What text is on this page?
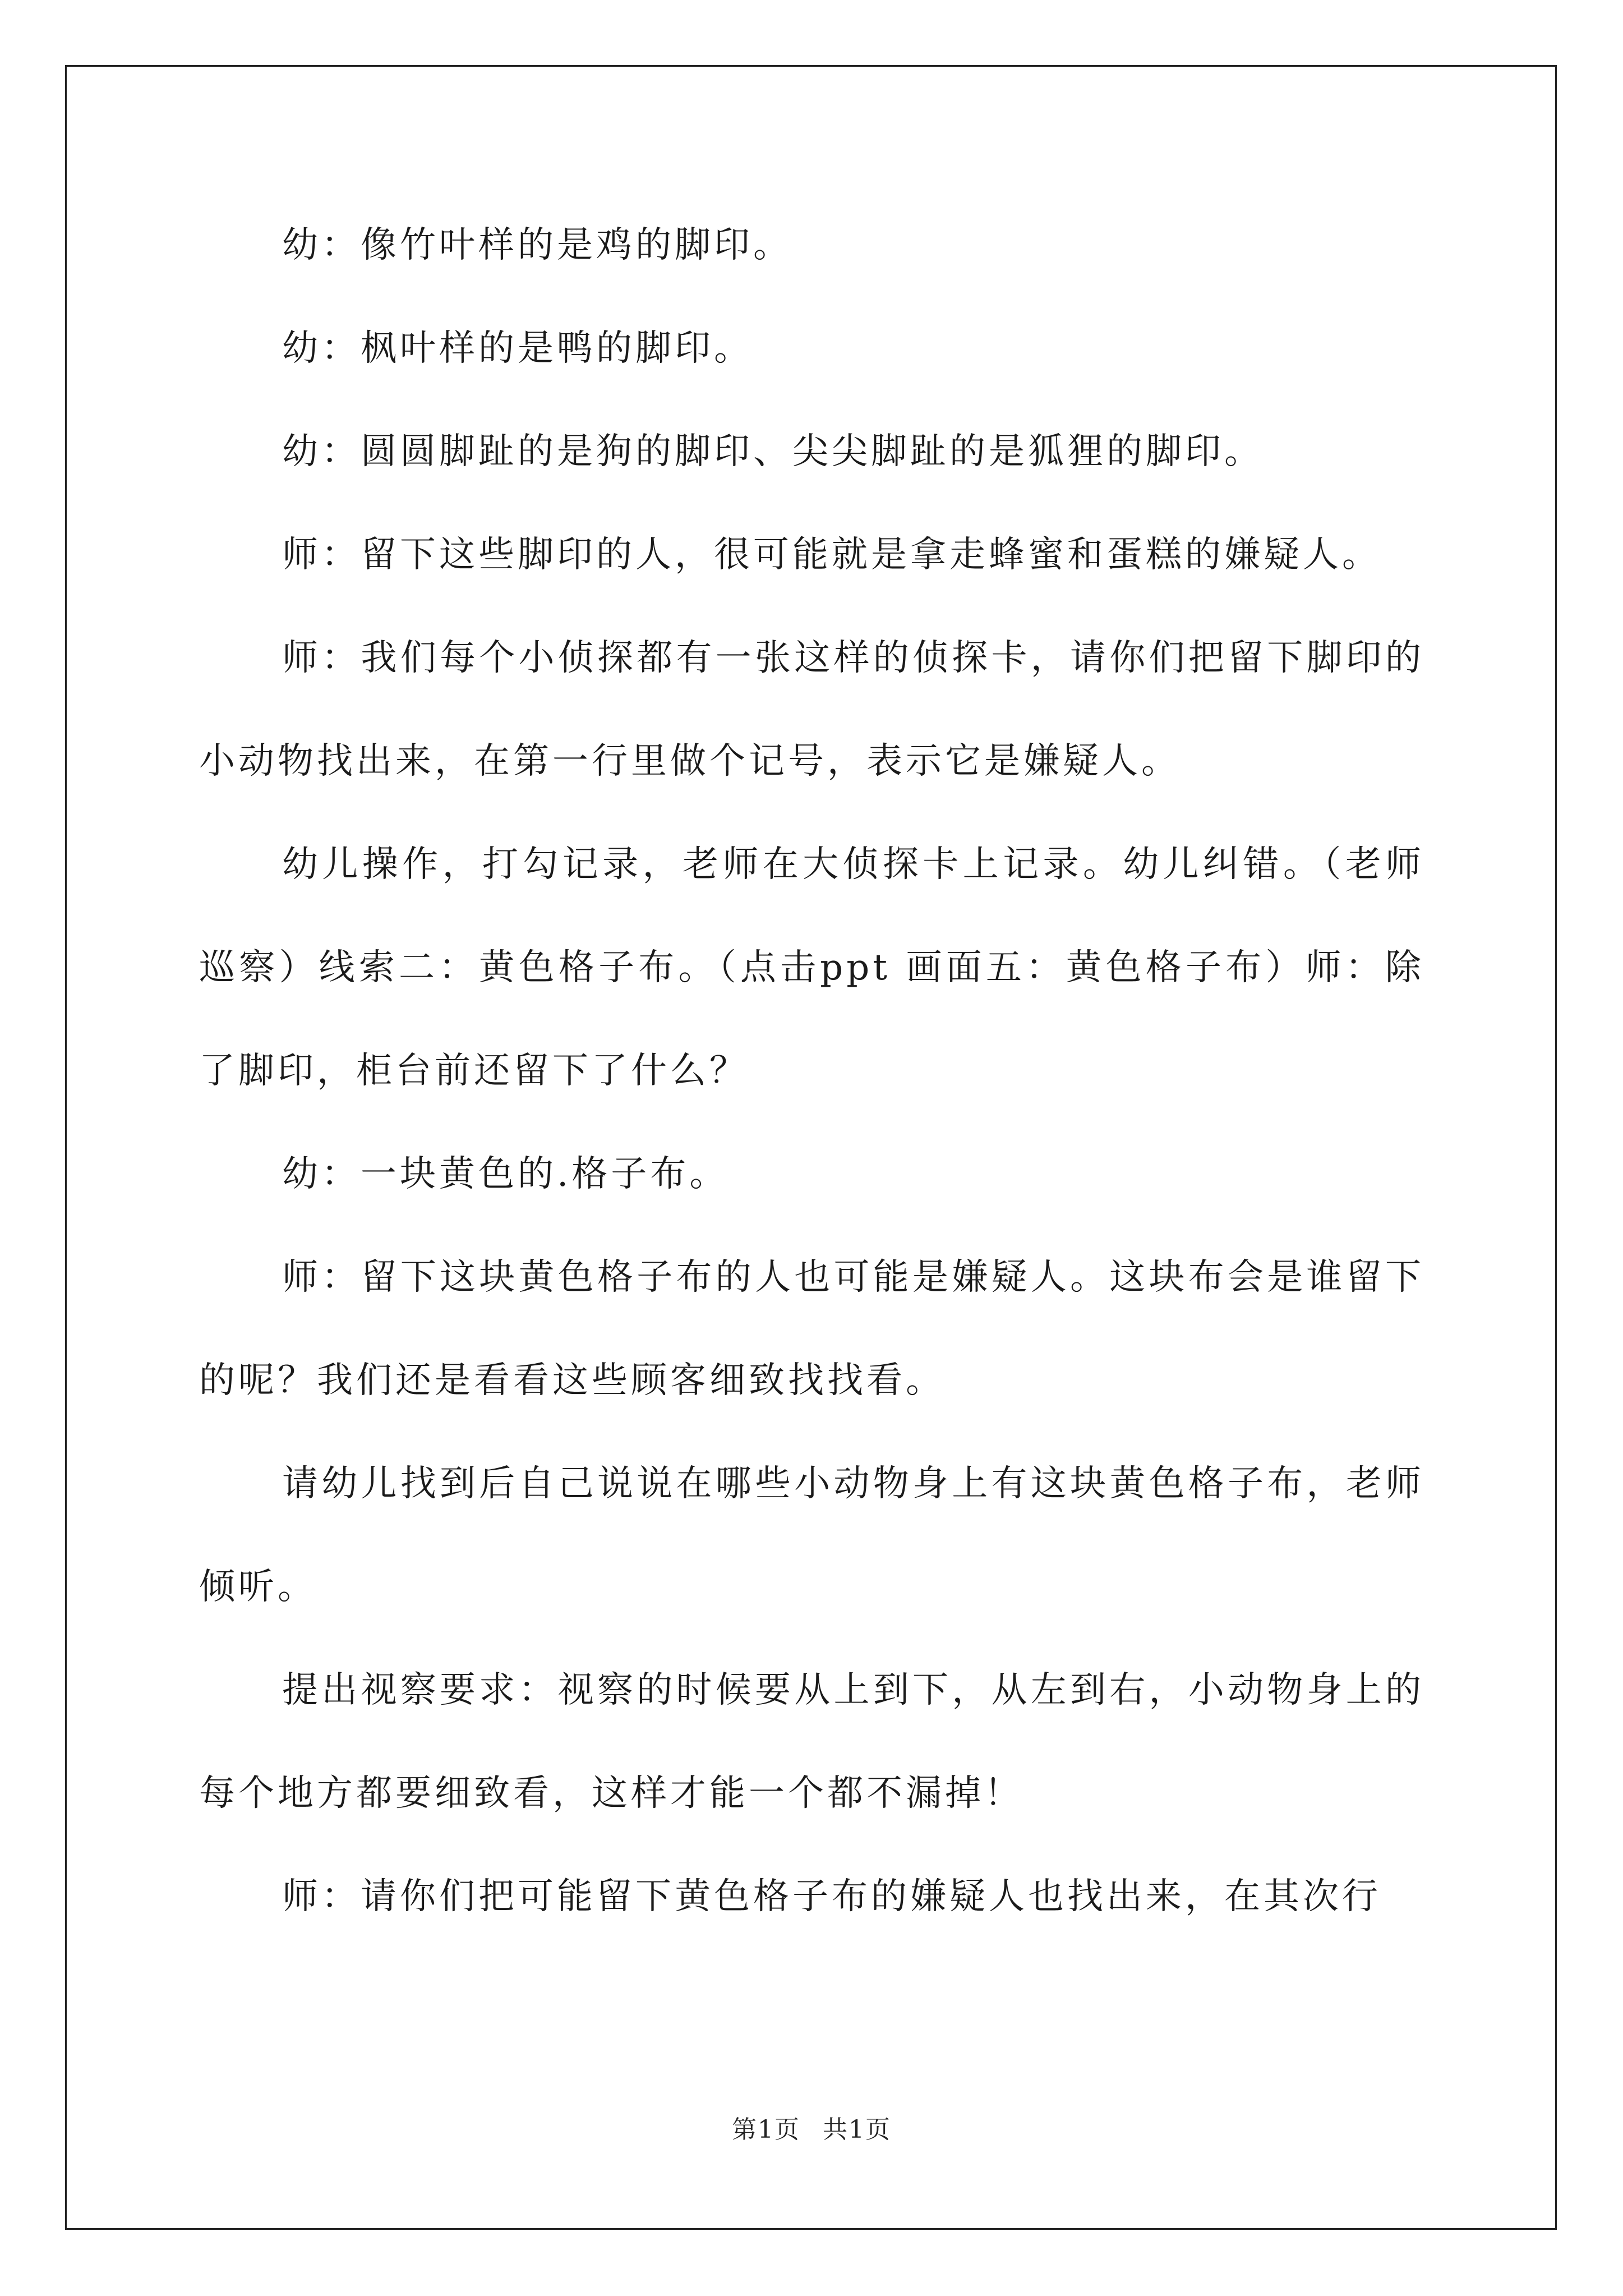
幼：像竹叶样的是鸡的脚印。

幼：枫叶样的是鸭的脚印。

幼：圆圆脚趾的是狗的脚印、尖尖脚趾的是狐狸的脚印。

师：留下这些脚印的人，很可能就是拿走蜂蜜和蛋糕的嫌疑人。

师：我们每个小侦探都有一张这样的侦探卡，请你们把留下脚印的小动物找出来，在第一行里做个记号，表示它是嫌疑人。

幼儿操作，打勾记录，老师在大侦探卡上记录。幼儿纠错。（老师巡察）线索二：黄色格子布。（点击ppt 画面五：黄色格子布）师：除了脚印，柜台前还留下了什么？

幼：一块黄色的.格子布。

师：留下这块黄色格子布的人也可能是嫌疑人。这块布会是谁留下的呢？我们还是看看这些顾客细致找找看。

请幼儿找到后自己说说在哪些小动物身上有这块黄色格子布，老师倾听。

提出视察要求：视察的时候要从上到下，从左到右，小动物身上的每个地方都要细致看，这样才能一个都不漏掉！

师：请你们把可能留下黄色格子布的嫌疑人也找出来，在其次行

第1页 共1页
